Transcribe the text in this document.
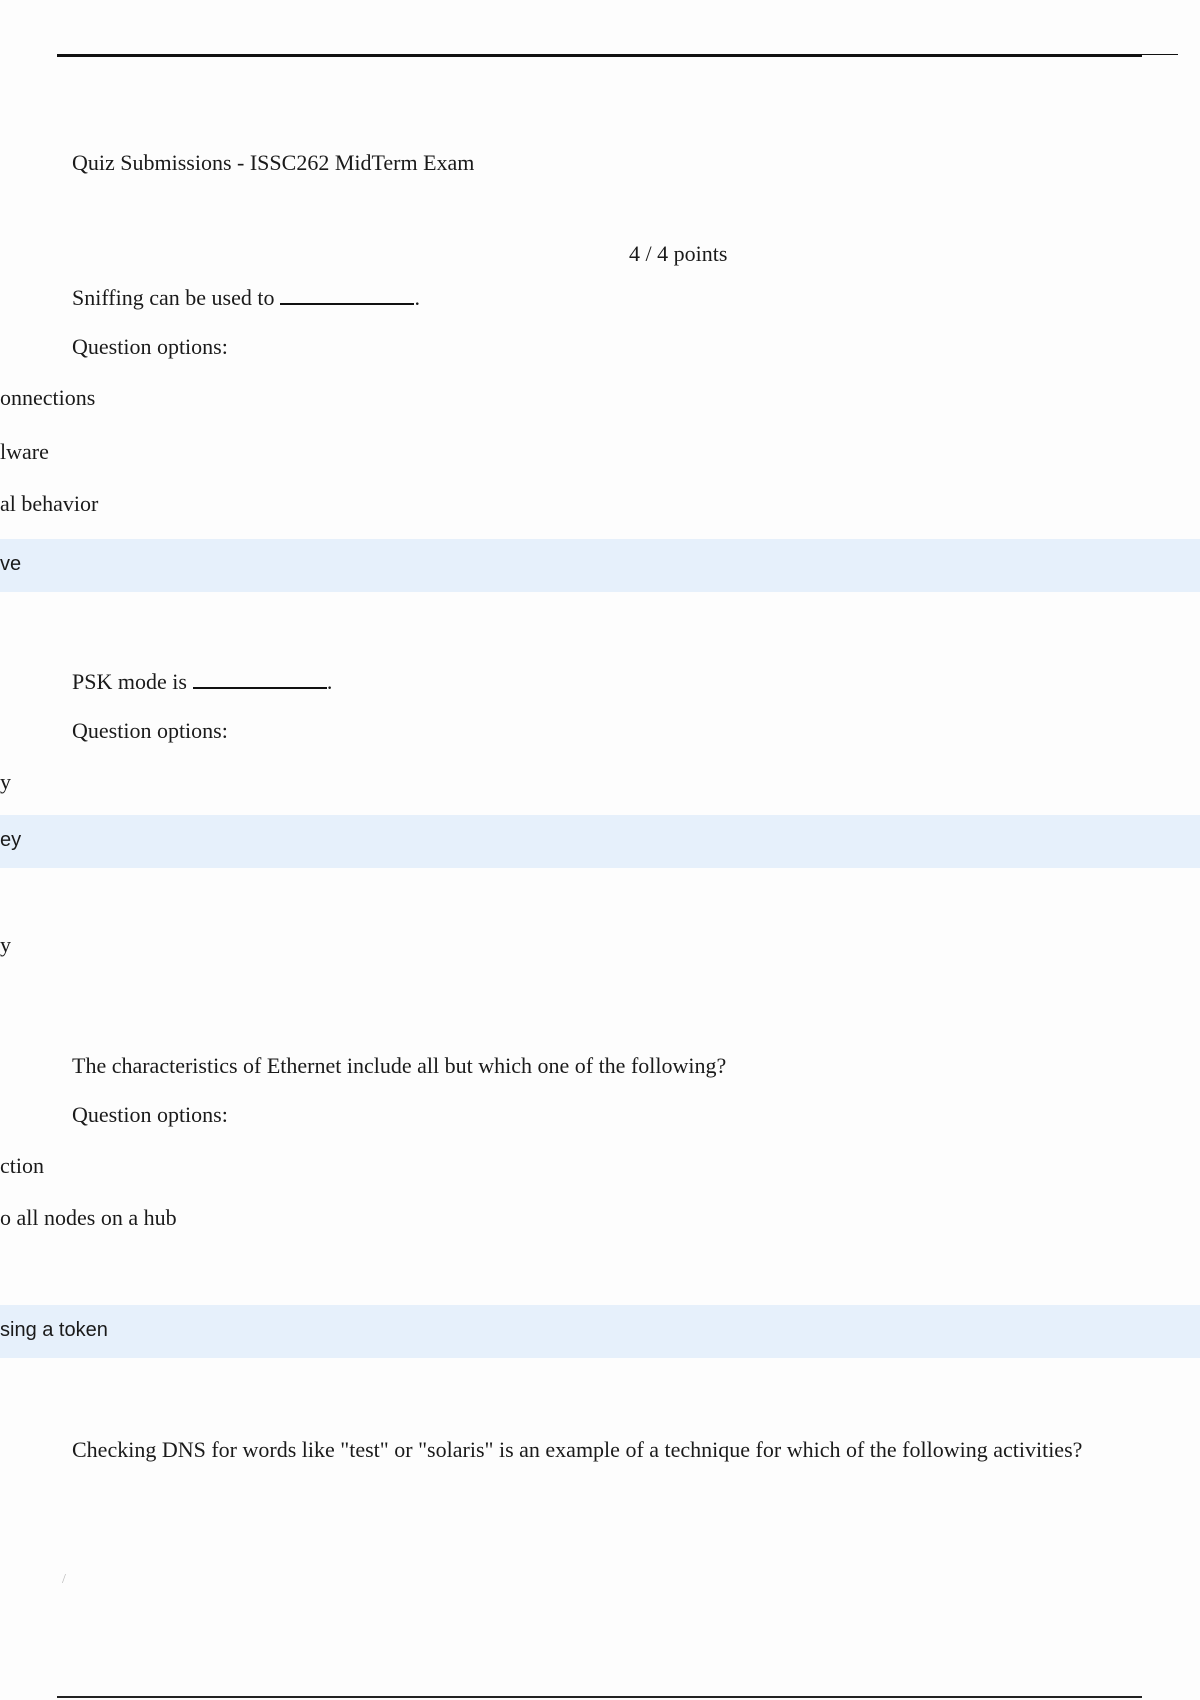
Quiz Submissions - ISSC262 MidTerm Exam
4 / 4 points
Sniffing can be used to	.
Question options:
onnections
lware
al behavior
ve
PSK mode is	.
Question options:
y
ey
y
The characteristics of Ethernet include all but which one of the following?
Question options:
ction
o all nodes on a hub
sing a token
Checking DNS for words like "test" or "solaris" is an example of a technique for which of the following activities?
/
